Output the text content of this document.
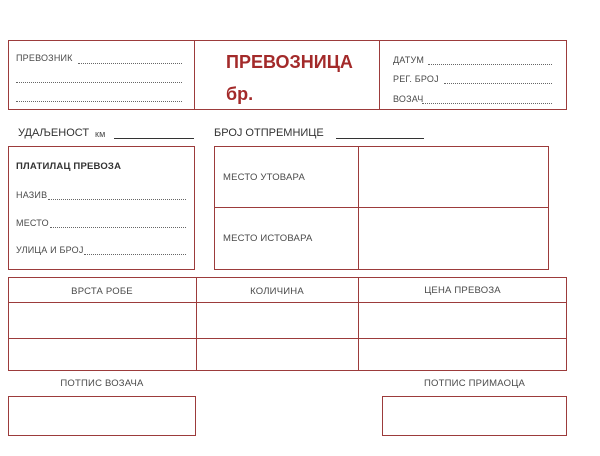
ПРЕВОЗНИК	ПРЕВОЗНИЦА
бр.
ДАТУМ
РЕГ. БРОЈ
ВОЗАЧ
УДАЉЕНОСТ км	БРОЈ ОТПРЕМНИЦЕ
ПЛАТИЛАЦ ПРЕВОЗА
НАЗИВ
МЕСТО
УЛИЦА И БРОЈ
МЕСТО УТОВАРА
МЕСТО ИСТОВАРА
ВРСТА РОБЕ	КОЛИЧИНА	ЦЕНА ПРЕВОЗА
ПОТПИС ВОЗАЧА	ПОТПИС ПРИМАОЦА
